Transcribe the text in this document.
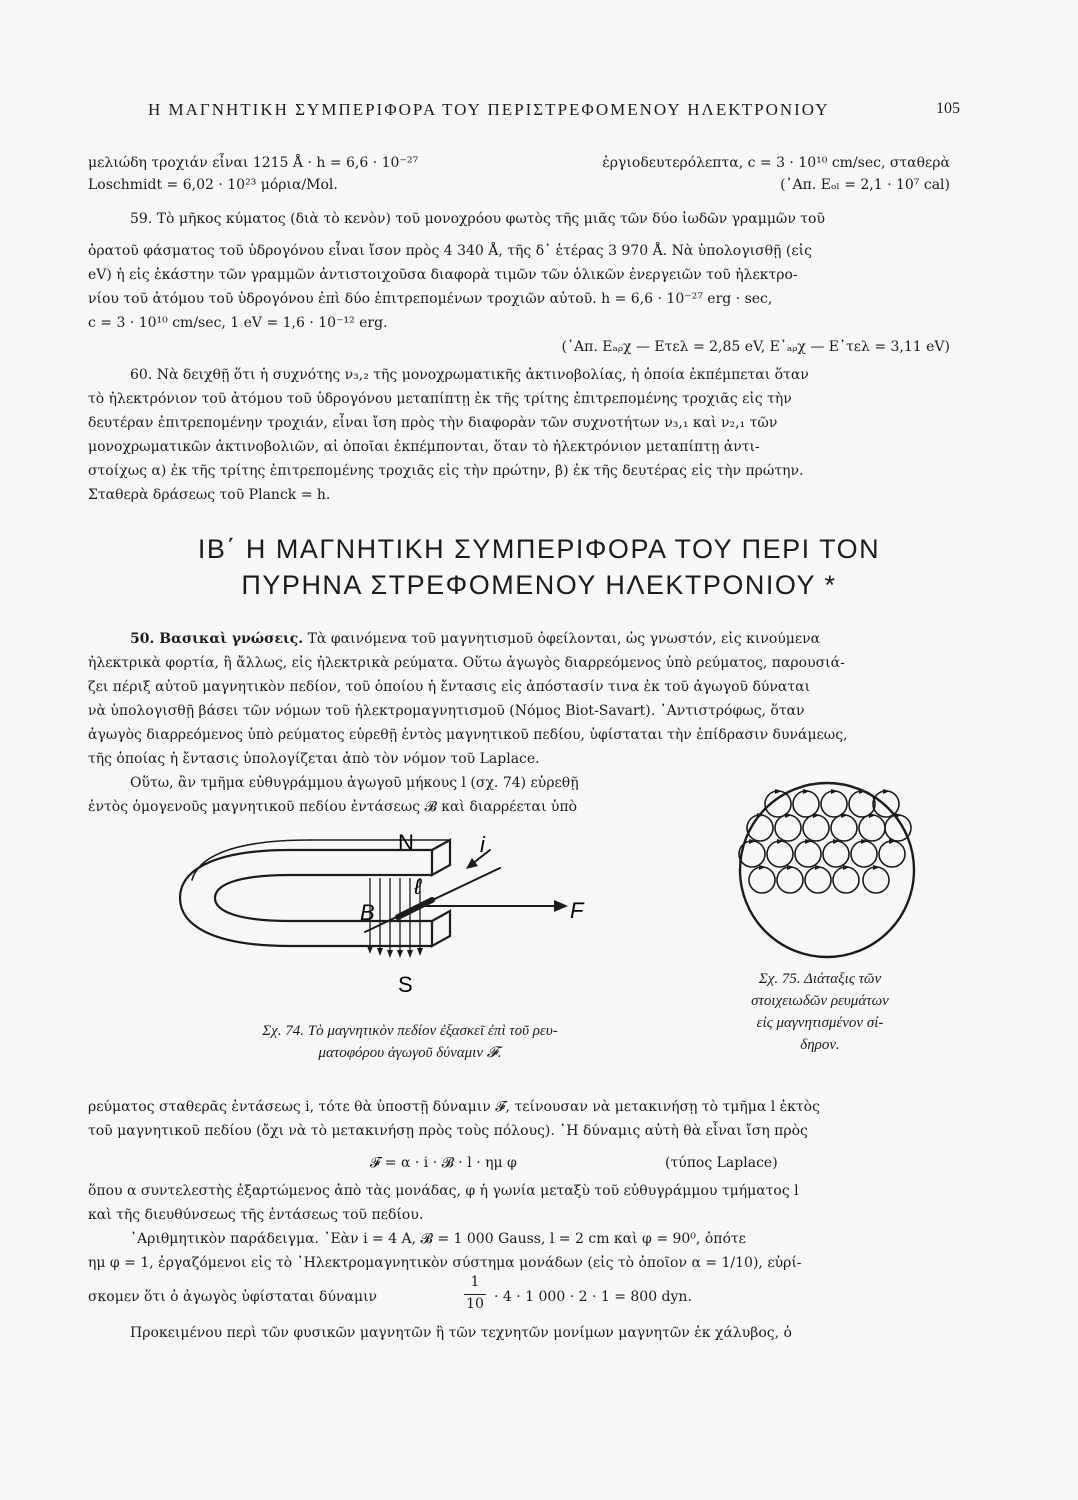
Η ΜΑΓΝΗΤΙΚΗ ΣΥΜΠΕΡΙΦΟΡΑ ΤΟΥ ΠΕΡΙΣΤΡΕΦΟΜΕΝΟΥ ΗΛΕΚΤΡΟΝΙΟΥ	105
μελιώδη τροχιάν εἶναι 1215 Å · h = 6,6 · 10⁻²⁷	ἐργιοδευτερόλεπτα, c = 3 · 10¹⁰ cm/sec, σταθερὰ
Loschmidt = 6,02 · 10²³ μόρια/Mol.	(᾽Απ. Εₒₗ = 2,1 · 10⁷ cal)
59. Τὸ μῆκος κύματος (διὰ τὸ κενὸν) τοῦ μονοχρόου φωτὸς τῆς μιᾶς τῶν δύο ἰωδῶν γραμμῶν τοῦ
ὁρατοῦ φάσματος τοῦ ὑδρογόνου εἶναι ἴσον πρὸς 4 340 Å, τῆς δ᾽ ἑτέρας 3 970 Å. Νὰ ὑπολογισθῇ (εἰς
eV) ἡ εἰς ἑκάστην τῶν γραμμῶν ἀντιστοιχοῦσα διαφορὰ τιμῶν τῶν ὁλικῶν ἐνεργειῶν τοῦ ἠλεκτρο-
νίου τοῦ ἀτόμου τοῦ ὑδρογόνου ἐπὶ δύο ἐπιτρεπομένων τροχιῶν αὐτοῦ. h = 6,6 · 10⁻²⁷ erg · sec,
c = 3 · 10¹⁰ cm/sec, 1 eV = 1,6 · 10⁻¹² erg.
(᾽Απ. Εₐᵨχ — Ετελ = 2,85 eV, Ε᾽ₐᵨχ — Ε᾽τελ = 3,11 eV)
60. Νὰ δειχθῇ ὅτι ἡ συχνότης ν₃,₂ τῆς μονοχρωματικῆς ἀκτινοβολίας, ἡ ὁποία ἐκπέμπεται ὅταν
τὸ ἠλεκτρόνιον τοῦ ἀτόμου τοῦ ὑδρογόνου μεταπίπτῃ ἐκ τῆς τρίτης ἐπιτρεπομένης τροχιᾶς εἰς τὴν
δευτέραν ἐπιτρεπομένην τροχιάν, εἶναι ἴση πρὸς τὴν διαφορὰν τῶν συχνοτήτων ν₃,₁ καὶ ν₂,₁ τῶν
μονοχρωματικῶν ἀκτινοβολιῶν, αἱ ὁποῖαι ἐκπέμπονται, ὅταν τὸ ἠλεκτρόνιον μεταπίπτῃ ἀντι-
στοίχως α) ἐκ τῆς τρίτης ἐπιτρεπομένης τροχιᾶς εἰς τὴν πρώτην, β) ἐκ τῆς δευτέρας εἰς τὴν πρώτην.
Σταθερὰ δράσεως τοῦ Planck = h.
ΙΒ΄ Η ΜΑΓΝΗΤΙΚΗ ΣΥΜΠΕΡΙΦΟΡΑ ΤΟΥ ΠΕΡΙ ΤΟΝ
ΠΥΡΗΝΑ ΣΤΡΕΦΟΜΕΝΟΥ ΗΛΕΚΤΡΟΝΙΟΥ *
50. Βασικαὶ γνώσεις. Τὰ φαινόμενα τοῦ μαγνητισμοῦ ὀφείλονται, ὡς γνωστόν, εἰς κινούμενα
ἠλεκτρικὰ φορτία, ἢ ἄλλως, εἰς ἠλεκτρικὰ ρεύματα. Οὕτω ἀγωγὸς διαρρεόμενος ὑπὸ ρεύματος, παρουσιά-
ζει πέριξ αὐτοῦ μαγνητικὸν πεδίον, τοῦ ὁποίου ἡ ἔντασις εἰς ἀπόστασίν τινα ἐκ τοῦ ἀγωγοῦ δύναται
νὰ ὑπολογισθῇ βάσει τῶν νόμων τοῦ ἠλεκτρομαγνητισμοῦ (Νόμος Biot-Savart). ᾽Αντιστρόφως, ὅταν
ἀγωγὸς διαρρεόμενος ὑπὸ ρεύματος εὑρεθῇ ἐντὸς μαγνητικοῦ πεδίου, ὑφίσταται τὴν ἐπίδρασιν δυνάμεως,
τῆς ὁποίας ἡ ἔντασις ὑπολογίζεται ἀπὸ τὸν νόμον τοῦ Laplace.
Οὕτω, ἂν τμῆμα εὐθυγράμμου ἀγωγοῦ μήκους l (σχ. 74) εὑρεθῇ
ἐντὸς ὁμογενοῦς μαγνητικοῦ πεδίου ἐντάσεως 𝓑 καὶ διαρρέεται ὑπὸ
N
S
B	F
i
ℓ
Σχ. 74. Τὸ μαγνητικὸν πεδίον ἐξασκεῖ ἐπὶ τοῦ ρευ-
ματοφόρου ἀγωγοῦ δύναμιν 𝓕.
Σχ. 75. Διάταξις τῶν
στοιχειωδῶν ρευμάτων
εἰς μαγνητισμένον σί-
δηρον.
ρεύματος σταθερᾶς ἐντάσεως i, τότε θὰ ὑποστῇ δύναμιν 𝓕, τείνουσαν νὰ μετακινήσῃ τὸ τμῆμα l ἐκτὸς
τοῦ μαγνητικοῦ πεδίου (ὄχι νὰ τὸ μετακινήσῃ πρὸς τοὺς πόλους). ῾Η δύναμις αὐτὴ θὰ εἶναι ἴση πρὸς
𝓕 = α · i · 𝓑 · l · ημ φ	(τύπος Laplace)
ὅπου α συντελεστὴς ἐξαρτώμενος ἀπὸ τὰς μονάδας, φ ἡ γωνία μεταξὺ τοῦ εὐθυγράμμου τμήματος l
καὶ τῆς διευθύνσεως τῆς ἐντάσεως τοῦ πεδίου.
᾽Αριθμητικὸν παράδειγμα. ᾽Εὰν i = 4 A, 𝓑 = 1 000 Gauss, l = 2 cm καὶ φ = 90⁰, ὁπότε
ημ φ = 1, ἐργαζόμενοι εἰς τὸ ᾽Ηλεκτρομαγνητικὸν σύστημα μονάδων (εἰς τὸ ὁποῖον α = 1/10), εὑρί-
σκομεν ὅτι ὁ ἀγωγὸς ὑφίσταται δύναμιν
1
10 · 4 · 1 000 · 2 · 1 = 800 dyn.
Προκειμένου περὶ τῶν φυσικῶν μαγνητῶν ἢ τῶν τεχνητῶν μονίμων μαγνητῶν ἐκ χάλυβος, ὁ
